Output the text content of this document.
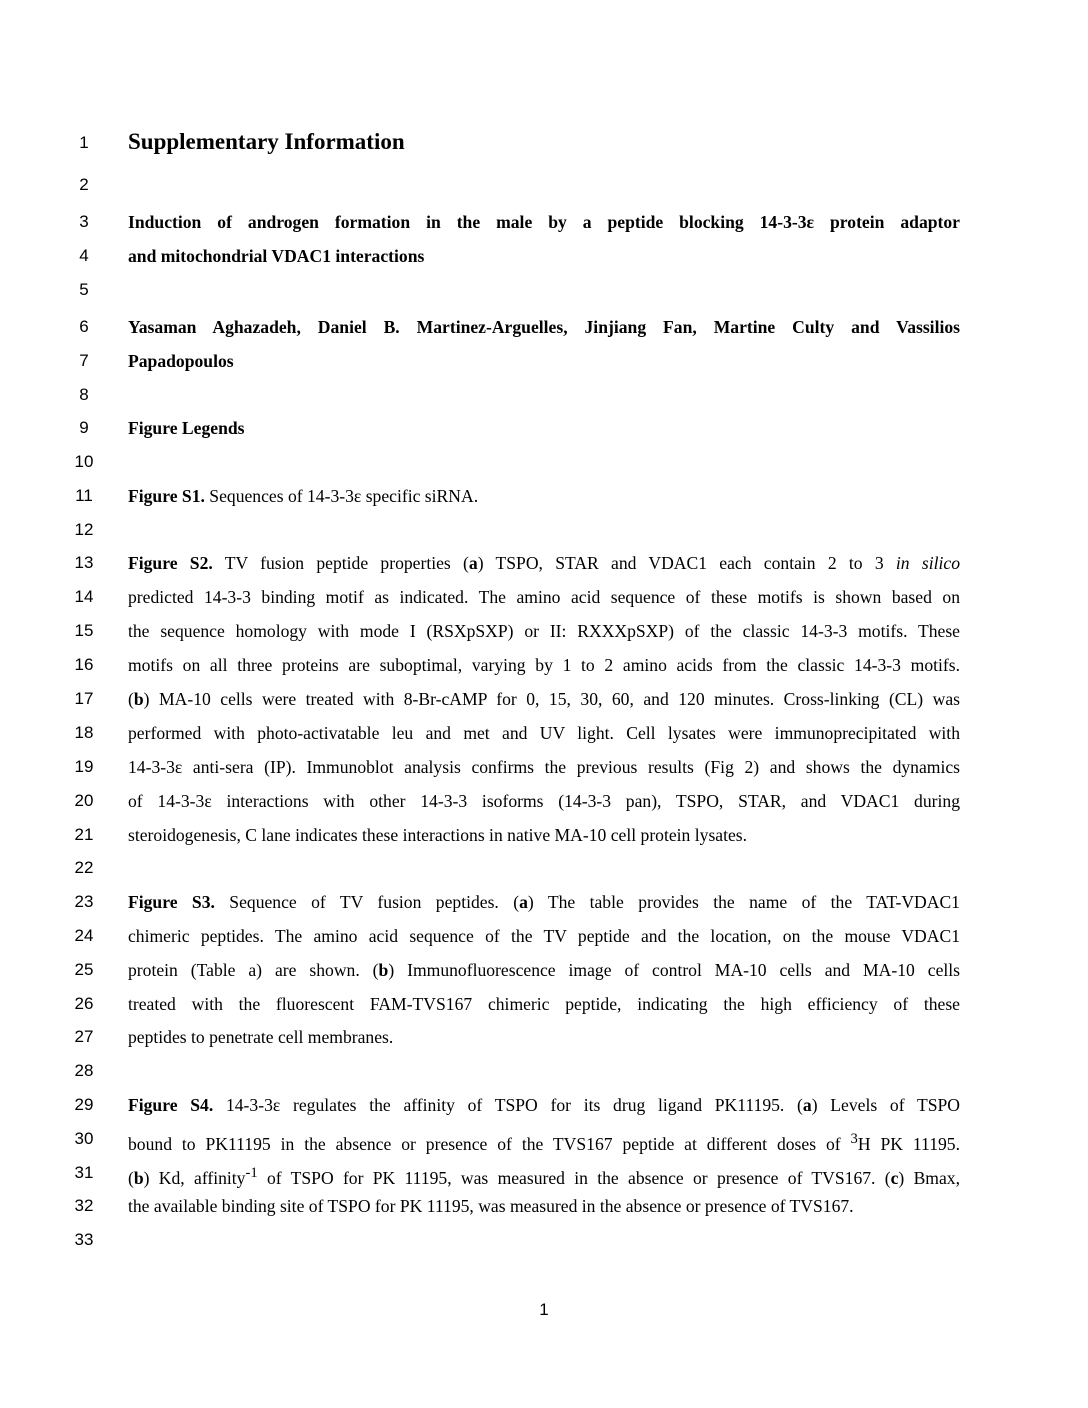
1	Supplementary Information
2
3	Induction of androgen formation in the male by a peptide blocking 14-3-3ε protein adaptor
4	and mitochondrial VDAC1 interactions
5
6	Yasaman Aghazadeh, Daniel B. Martinez-Arguelles, Jinjiang Fan, Martine Culty and Vassilios
7	Papadopoulos
8
9	Figure Legends
10
11	Figure S1. Sequences of 14-3-3ε specific siRNA.
12
13	Figure S2. TV fusion peptide properties (a) TSPO, STAR and VDAC1 each contain 2 to 3 in silico
14	predicted 14-3-3 binding motif as indicated. The amino acid sequence of these motifs is shown based on
15	the sequence homology with mode I (RSXpSXP) or II: RXXXpSXP) of the classic 14-3-3 motifs. These
16	motifs on all three proteins are suboptimal, varying by 1 to 2 amino acids from the classic 14-3-3 motifs.
17	(b) MA-10 cells were treated with 8-Br-cAMP for 0, 15, 30, 60, and 120 minutes. Cross-linking (CL) was
18	performed with photo-activatable leu and met and UV light. Cell lysates were immunoprecipitated with
19	14-3-3ε anti-sera (IP). Immunoblot analysis confirms the previous results (Fig 2) and shows the dynamics
20	of 14-3-3ε interactions with other 14-3-3 isoforms (14-3-3 pan), TSPO, STAR, and VDAC1 during
21	steroidogenesis, C lane indicates these interactions in native MA-10 cell protein lysates.
22
23	Figure S3. Sequence of TV fusion peptides. (a) The table provides the name of the TAT-VDAC1
24	chimeric peptides. The amino acid sequence of the TV peptide and the location, on the mouse VDAC1
25	protein (Table a) are shown. (b) Immunofluorescence image of control MA-10 cells and MA-10 cells
26	treated with the fluorescent FAM-TVS167 chimeric peptide, indicating the high efficiency of these
27	peptides to penetrate cell membranes.
28
29	Figure S4. 14-3-3ε regulates the affinity of TSPO for its drug ligand PK11195. (a) Levels of TSPO
30	bound to PK11195 in the absence or presence of the TVS167 peptide at different doses of $^3$H PK 11195.
31	(b) Kd, affinity$^{-1}$ of TSPO for PK 11195, was measured in the absence or presence of TVS167. (c) Bmax,
32	the available binding site of TSPO for PK 11195, was measured in the absence or presence of TVS167.
33
1
